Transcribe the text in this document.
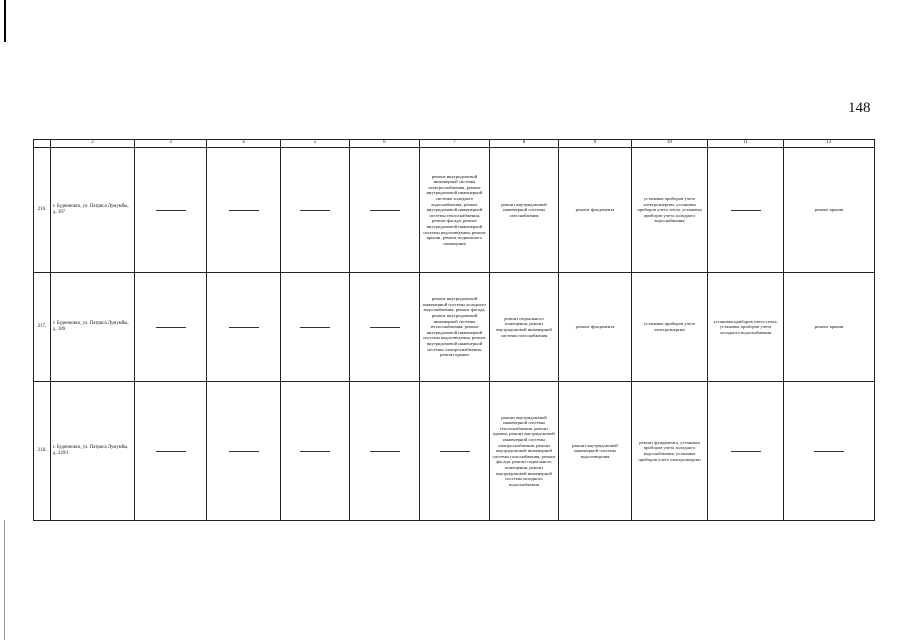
148
	2	3	4	5	6	7	8	9	10	11	12
216.	г. Буденновск, ул. Патриса Лумумбы, д. 187					ремонт внутридомовой инженерной системы электроснабжения, ремонт внутридомовой инженерной системы холодного водоснабжения, ремонт внутридомовой инженерной системы теплоснабжения, ремонт фасада, ремонт внутридомовой инженерной системы водоотведения, ремонт крыши, ремонт подвального помещения	ремонт внутридомовой инженерной системы газоснабжения	ремонт фундамента	установка приборов учета электроэнергии, установка приборов учета тепла, установка приборов учета холодного водоснабжения		ремонт крыши
217.	г. Буденновск, ул. Патриса Лумумбы, д. 189					ремонт внутридомовой инженерной системы холодного водоснабжения, ремонт фасада, ремонт внутридомовой инженерной системы теплоснабжения, ремонт внутридомовой инженерной системы водоотведения, ремонт внутридомовой инженерной системы электроснабжения, ремонт крыши	ремонт подвального помещения, ремонт внутридомовой инженерной системы газоснабжения	ремонт фундамента	установка приборов учета электроэнергии	установка приборов учета тепла, установка приборов учета холодного водоснабжения	ремонт крыши
218.	г. Буденновск, ул. Патриса Лумумбы, д. 220/1						ремонт внутридомовой инженерной системы теплоснабжения, ремонт крыши, ремонт внутридомовой инженерной системы электроснабжения, ремонт внутридомовой инженерной системы газоснабжения, ремонт фасада, ремонт подвального помещения, ремонт внутридомовой инженерной системы холодного водоснабжения	ремонт внутридомовой инженерной системы водоотведения	ремонт фундамента, установка приборов учета холодного водоснабжения, установка приборов учета электроэнергии		
